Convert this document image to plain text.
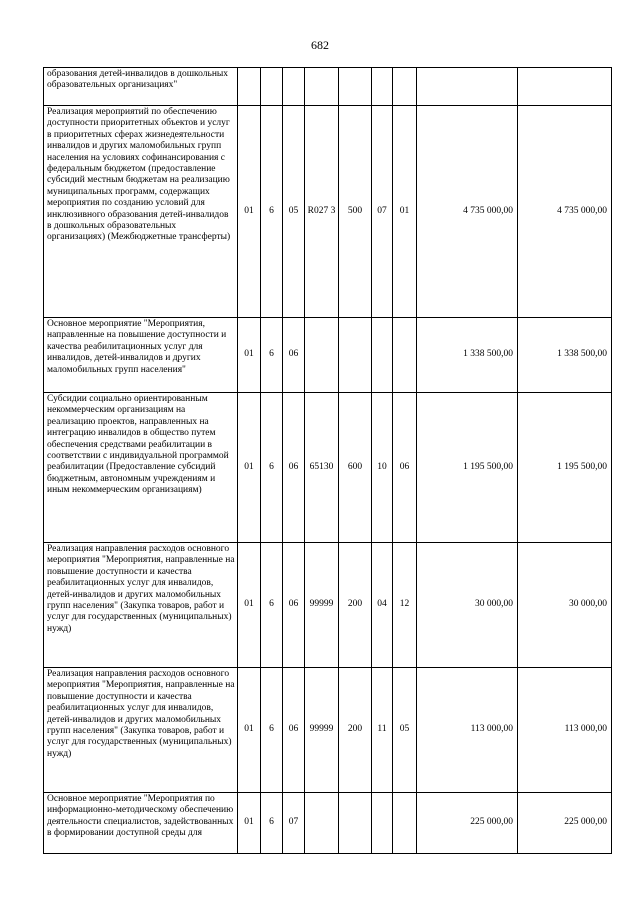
682
образования детей-инвалидов в дошкольных образовательных организациях"									
Реализация мероприятий по обеспечению доступности приоритетных объектов и услуг в приоритетных сферах жизнедеятельности инвалидов и других маломобильных групп населения на условиях софинансирования с федеральным бюджетом (предоставление субсидий местным бюджетам на реализацию муниципальных программ, содержащих мероприятия по созданию условий для инклюзивного образования детей-инвалидов в дошкольных образовательных организациях) (Межбюджетные трансферты)	01	6	05	R027 3	500	07	01	4 735 000,00	4 735 000,00
Основное мероприятие "Мероприятия, направленные на повышение доступности и качества реабилитационных услуг для инвалидов, детей-инвалидов и других маломобильных групп населения"	01	6	06					1 338 500,00	1 338 500,00
Субсидии социально ориентированным некоммерческим организациям на реализацию проектов, направленных на интеграцию инвалидов в общество путем обеспечения средствами реабилитации в соответствии с индивидуальной программой реабилитации (Предоставление субсидий бюджетным, автономным учреждениям и иным некоммерческим организациям)	01	6	06	65130	600	10	06	1 195 500,00	1 195 500,00
Реализация направления расходов основного мероприятия "Мероприятия, направленные на повышение доступности и качества реабилитационных услуг для инвалидов, детей-инвалидов и других маломобильных групп населения" (Закупка товаров, работ и услуг для государственных (муниципальных) нужд)	01	6	06	99999	200	04	12	30 000,00	30 000,00
Реализация направления расходов основного мероприятия "Мероприятия, направленные на повышение доступности и качества реабилитационных услуг для инвалидов, детей-инвалидов и других маломобильных групп населения" (Закупка товаров, работ и услуг для государственных (муниципальных) нужд)	01	6	06	99999	200	11	05	113 000,00	113 000,00
Основное мероприятие "Мероприятия по информационно-методическому обеспечению деятельности специалистов, задействованных в формировании доступной среды для	01	6	07					225 000,00	225 000,00
